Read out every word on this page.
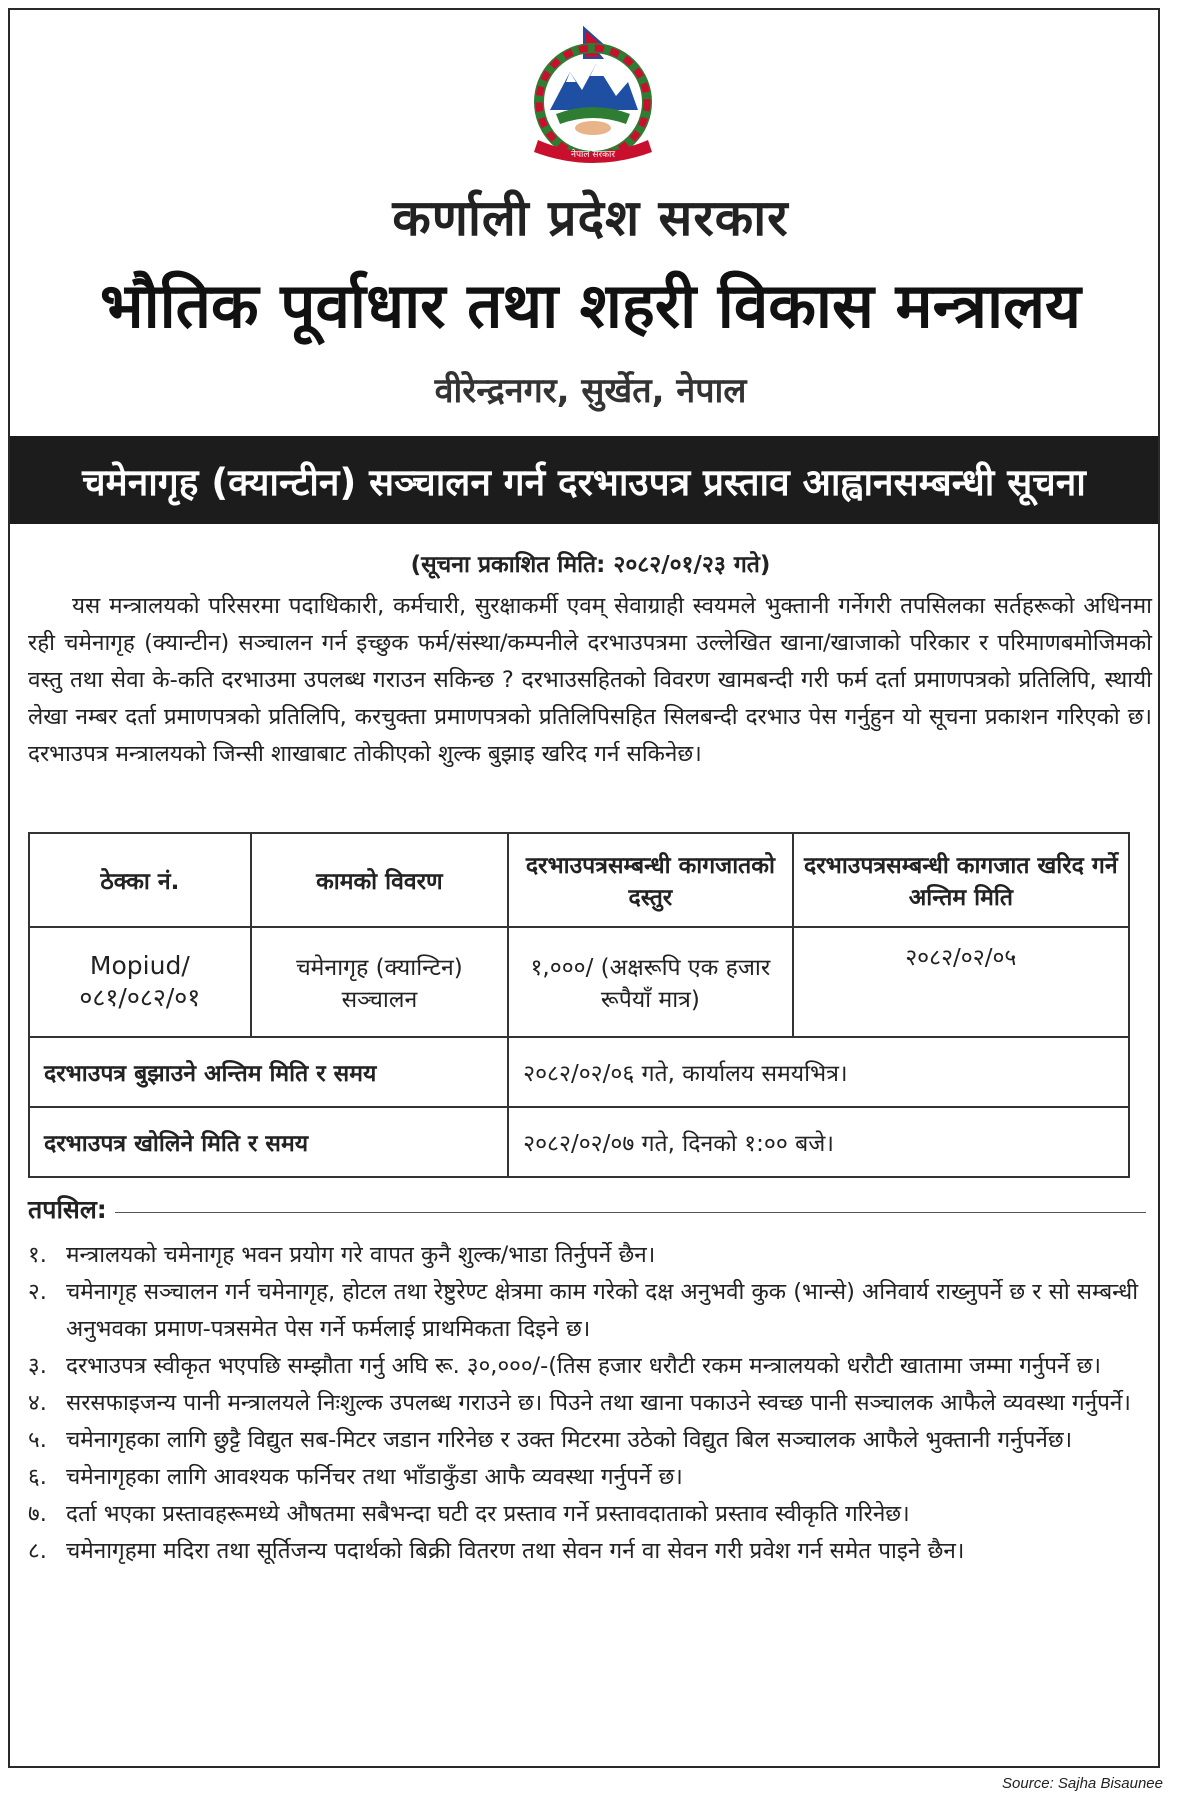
नेपाल सरकार
कर्णाली प्रदेश सरकार
भौतिक पूर्वाधार तथा शहरी विकास मन्त्रालय
वीरेन्द्रनगर, सुर्खेत, नेपाल
चमेनागृह (क्यान्टीन) सञ्चालन गर्न दरभाउपत्र प्रस्ताव आह्वानसम्बन्धी सूचना
(सूचना प्रकाशित मिति: २०८२/०१/२३ गते)

यस मन्त्रालयको परिसरमा पदाधिकारी, कर्मचारी, सुरक्षाकर्मी एवम् सेवाग्राही स्वयमले भुक्तानी गर्नेगरी तपसिलका सर्तहरूको अधिनमा रही चमेनागृह (क्यान्टीन) सञ्चालन गर्न इच्छुक फर्म/संस्था/कम्पनीले दरभाउपत्रमा उल्लेखित खाना/खाजाको परिकार र परिमाणबमोजिमको वस्तु तथा सेवा के-कति दरभाउमा उपलब्ध गराउन सकिन्छ ? दरभाउसहितको विवरण खामबन्दी गरी फर्म दर्ता प्रमाणपत्रको प्रतिलिपि, स्थायी लेखा नम्बर दर्ता प्रमाणपत्रको प्रतिलिपि, करचुक्ता प्रमाणपत्रको प्रतिलिपिसहित सिलबन्दी दरभाउ पेस गर्नुहुन यो सूचना प्रकाशन गरिएको छ। दरभाउपत्र मन्त्रालयको जिन्सी शाखाबाट तोकीएको शुल्क बुझाइ खरिद गर्न सकिनेछ।

ठेक्का नं.	कामको विवरण	दरभाउपत्रसम्बन्धी कागजातको दस्तुर	दरभाउपत्रसम्बन्धी कागजात खरिद गर्ने अन्तिम मिति
Mopiud/ ०८१/०८२/०१	चमेनागृह (क्यान्टिन) सञ्चालन	१,०००/ (अक्षरूपि एक हजार रूपैयाँ मात्र)	२०८२/०२/०५
दरभाउपत्र बुझाउने अन्तिम मिति र समय		२०८२/०२/०६ गते, कार्यालय समयभित्र।	
दरभाउपत्र खोलिने मिति र समय		२०८२/०२/०७ गते, दिनको १:०० बजे।	
तपसिल:
१. मन्त्रालयको चमेनागृह भवन प्रयोग गरे वापत कुनै शुल्क/भाडा तिर्नुपर्ने छैन।
२. चमेनागृह सञ्चालन गर्न चमेनागृह, होटल तथा रेष्टुरेण्ट क्षेत्रमा काम गरेको दक्ष अनुभवी कुक (भान्से) अनिवार्य राख्नुपर्ने छ र सो सम्बन्धी अनुभवका प्रमाण-पत्रसमेत पेस गर्ने फर्मलाई प्राथमिकता दिइने छ।
३. दरभाउपत्र स्वीकृत भएपछि सम्झौता गर्नु अघि रू. ३०,०००/-(तिस हजार धरौटी रकम मन्त्रालयको धरौटी खातामा जम्मा गर्नुपर्ने छ।
४. सरसफाइजन्य पानी मन्त्रालयले निःशुल्क उपलब्ध गराउने छ। पिउने तथा खाना पकाउने स्वच्छ पानी सञ्चालक आफैले व्यवस्था गर्नुपर्ने।
५. चमेनागृहका लागि छुट्टै विद्युत सब-मिटर जडान गरिनेछ र उक्त मिटरमा उठेको विद्युत बिल सञ्चालक आफैले भुक्तानी गर्नुपर्नेछ।
६. चमेनागृहका लागि आवश्यक फर्निचर तथा भाँडाकुँडा आफै व्यवस्था गर्नुपर्ने छ।
७. दर्ता भएका प्रस्तावहरूमध्ये औषतमा सबैभन्दा घटी दर प्रस्ताव गर्ने प्रस्तावदाताको प्रस्ताव स्वीकृति गरिनेछ।
८. चमेनागृहमा मदिरा तथा सूर्तिजन्य पदार्थको बिक्री वितरण तथा सेवन गर्न वा सेवन गरी प्रवेश गर्न समेत पाइने छैन।
Source: Sajha Bisaunee
